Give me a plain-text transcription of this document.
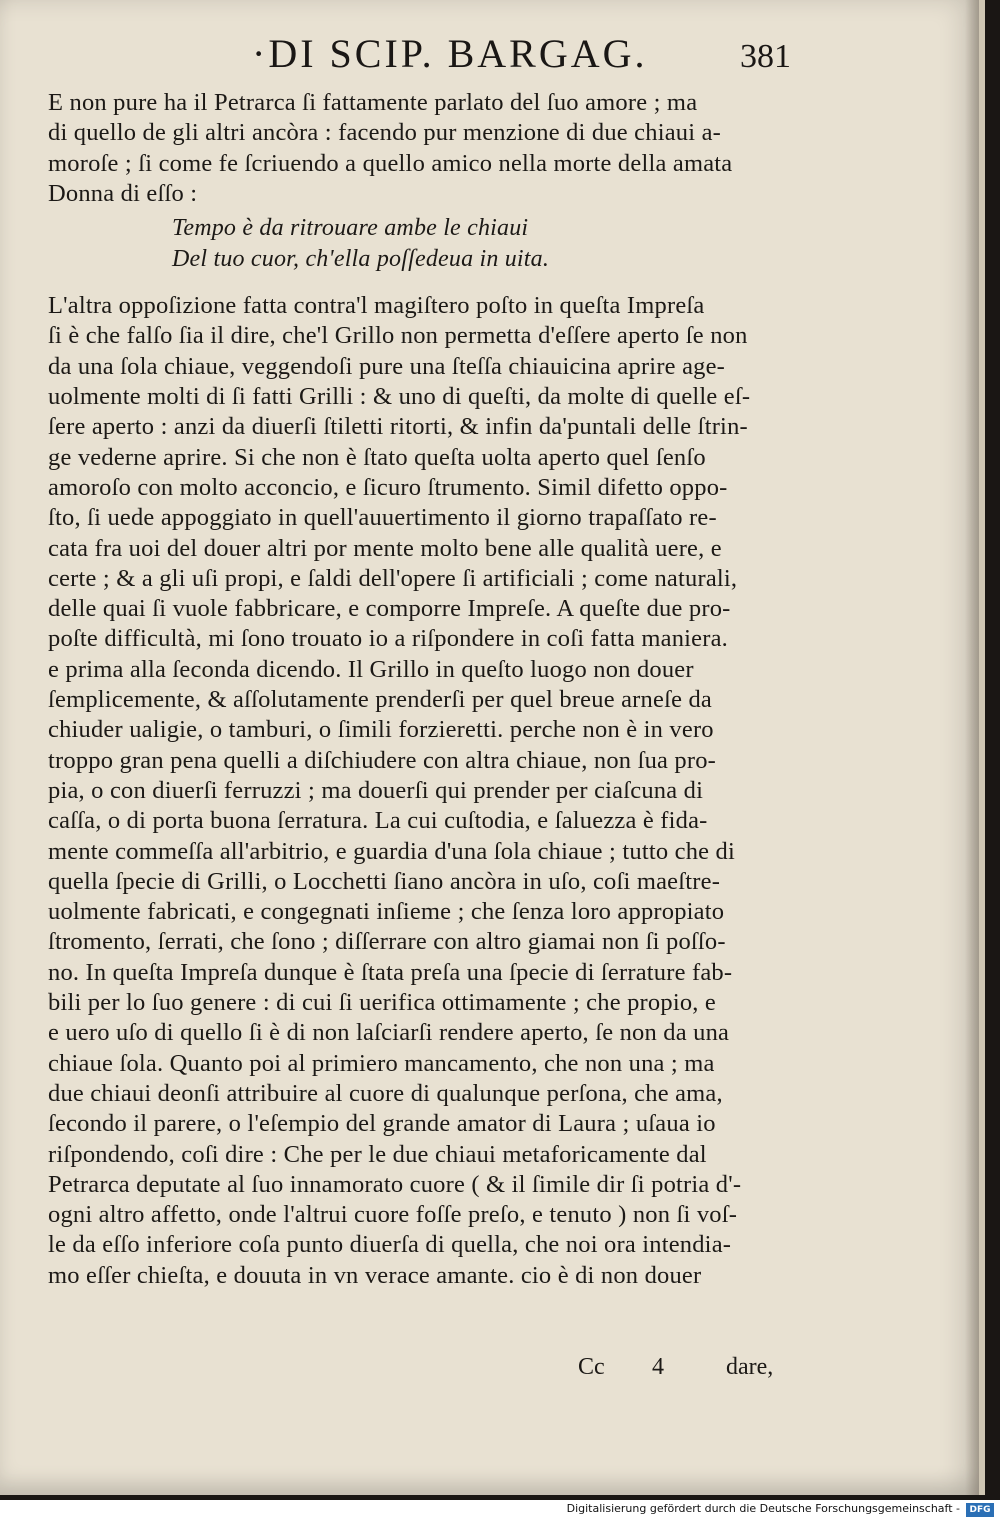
·DI SCIP. BARGAG.	381

E non pure ha il Petrarca ſi fattamente parlato del ſuo amore ; ma

di quello de gli altri ancòra : facendo pur menzione di due chiaui a-

moroſe ; ſi come fe ſcriuendo a quello amico nella morte della amata

Donna di eſſo :

Tempo è da ritrouare ambe le chiaui

Del tuo cuor, ch'ella poſſedeua in uita.

L'altra oppoſizione fatta contra'l magiſtero poſto in queſta Impreſa

ſi è che falſo ſia il dire, che'l Grillo non permetta d'eſſere aperto ſe non

da una ſola chiaue, veggendoſi pure una ſteſſa chiauicina aprire age-

uolmente molti di ſi fatti Grilli : & uno di queſti, da molte di quelle eſ-

ſere aperto : anzi da diuerſi ſtiletti ritorti, & infin da'puntali delle ſtrin-

ge vederne aprire. Si che non è ſtato queſta uolta aperto quel ſenſo

amoroſo con molto acconcio, e ſicuro ſtrumento. Simil difetto oppo-

ſto, ſi uede appoggiato in quell'auuertimento il giorno trapaſſato re-

cata fra uoi del douer altri por mente molto bene alle qualità uere, e

certe ; & a gli uſi propi, e ſaldi dell'opere ſi artificiali ; come naturali,

delle quai ſi vuole fabbricare, e comporre Impreſe. A queſte due pro-

poſte difficultà, mi ſono trouato io a riſpondere in coſi fatta maniera.

e prima alla ſeconda dicendo. Il Grillo in queſto luogo non douer

ſemplicemente, & aſſolutamente prenderſi per quel breue arneſe da

chiuder ualigie, o tamburi, o ſimili forzieretti. perche non è in vero

troppo gran pena quelli a diſchiudere con altra chiaue, non ſua pro-

pia, o con diuerſi ferruzzi ; ma douerſi qui prender per ciaſcuna di

caſſa, o di porta buona ſerratura. La cui cuſtodia, e ſaluezza è fida-

mente commeſſa all'arbitrio, e guardia d'una ſola chiaue ; tutto che di

quella ſpecie di Grilli, o Locchetti ſiano ancòra in uſo, coſi maeſtre-

uolmente fabricati, e congegnati inſieme ; che ſenza loro appropiato

ſtromento, ſerrati, che ſono ; diſſerrare con altro giamai non ſi poſſo-

no. In queſta Impreſa dunque è ſtata preſa una ſpecie di ſerrature fab-

bili per lo ſuo genere : di cui ſi uerifica ottimamente ; che propio, e

e uero uſo di quello ſi è di non laſciarſi rendere aperto, ſe non da una

chiaue ſola. Quanto poi al primiero mancamento, che non una ; ma

due chiaui deonſi attribuire al cuore di qualunque perſona, che ama,

ſecondo il parere, o l'eſempio del grande amator di Laura ; uſaua io

riſpondendo, coſi dire : Che per le due chiaui metaforicamente dal

Petrarca deputate al ſuo innamorato cuore ( & il ſimile dir ſi potria d'-

ogni altro affetto, onde l'altrui cuore foſſe preſo, e tenuto ) non ſi voſ-

le da eſſo inferiore coſa punto diuerſa di quella, che noi ora intendia-

mo eſſer chieſta, e douuta in vn verace amante. cio è di non douer

Cc 4	dare,
Digitalisierung gefördert durch die Deutsche Forschungsgemeinschaft -	DFG
